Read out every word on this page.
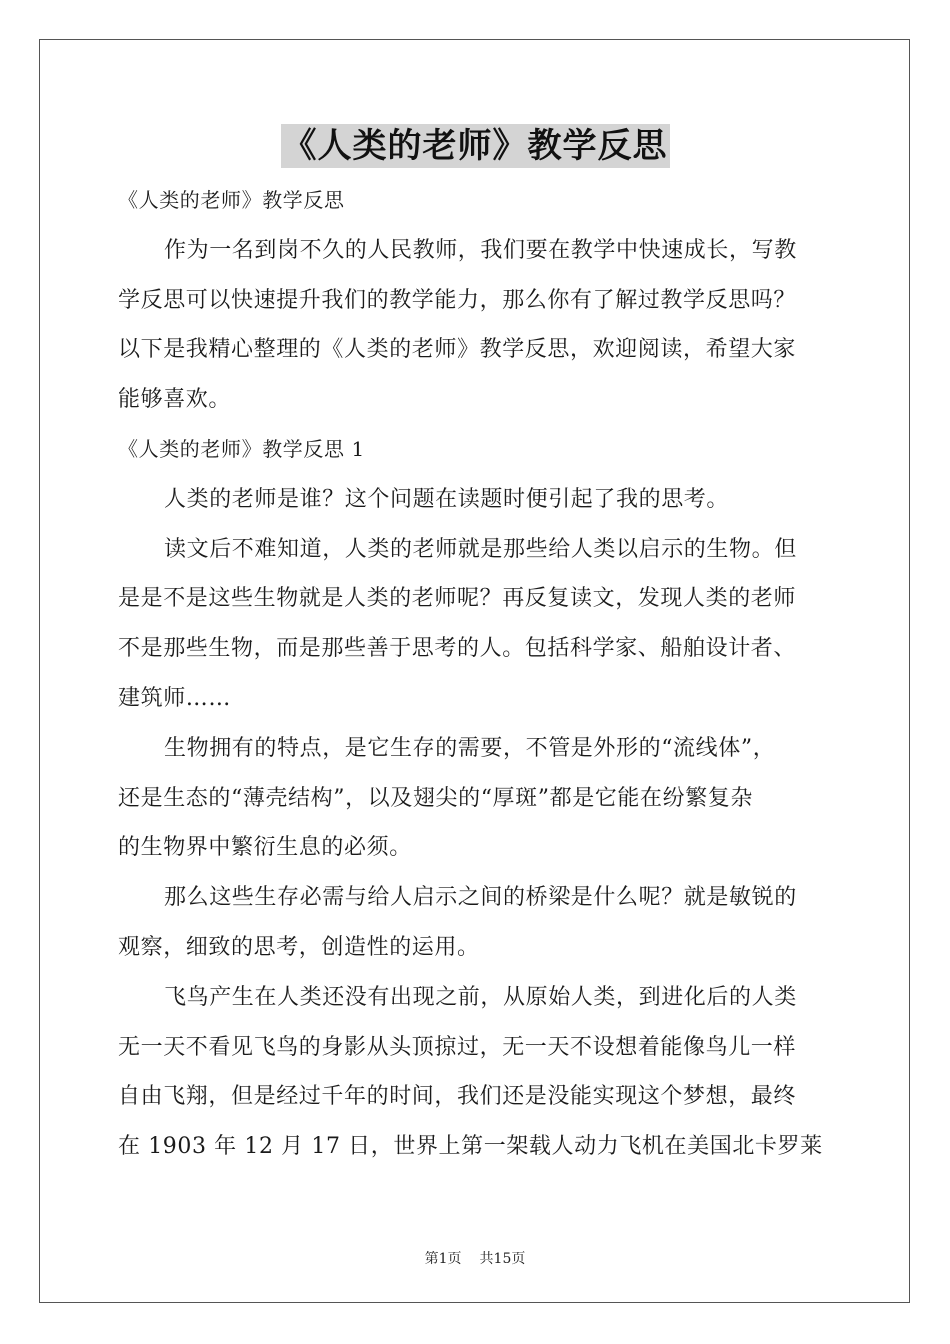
《人类的老师》教学反思

《人类的老师》教学反思

作为一名到岗不久的人民教师，我们要在教学中快速成长，写教

学反思可以快速提升我们的教学能力，那么你有了解过教学反思吗？

以下是我精心整理的《人类的老师》教学反思，欢迎阅读，希望大家

能够喜欢。

《人类的老师》教学反思 1

人类的老师是谁？这个问题在读题时便引起了我的思考。

读文后不难知道，人类的老师就是那些给人类以启示的生物。但

是是不是这些生物就是人类的老师呢？再反复读文，发现人类的老师

不是那些生物，而是那些善于思考的人。包括科学家、船舶设计者、

建筑师……

生物拥有的特点，是它生存的需要，不管是外形的“流线体”，

还是生态的“薄壳结构”，以及翅尖的“厚斑”都是它能在纷繁复杂

的生物界中繁衍生息的必须。

那么这些生存必需与给人启示之间的桥梁是什么呢？就是敏锐的

观察，细致的思考，创造性的运用。

飞鸟产生在人类还没有出现之前，从原始人类，到进化后的人类

无一天不看见飞鸟的身影从头顶掠过，无一天不设想着能像鸟儿一样

自由飞翔，但是经过千年的时间，我们还是没能实现这个梦想，最终

在 1903 年 12 月 17 日，世界上第一架载人动力飞机在美国北卡罗莱

第1页 共15页
